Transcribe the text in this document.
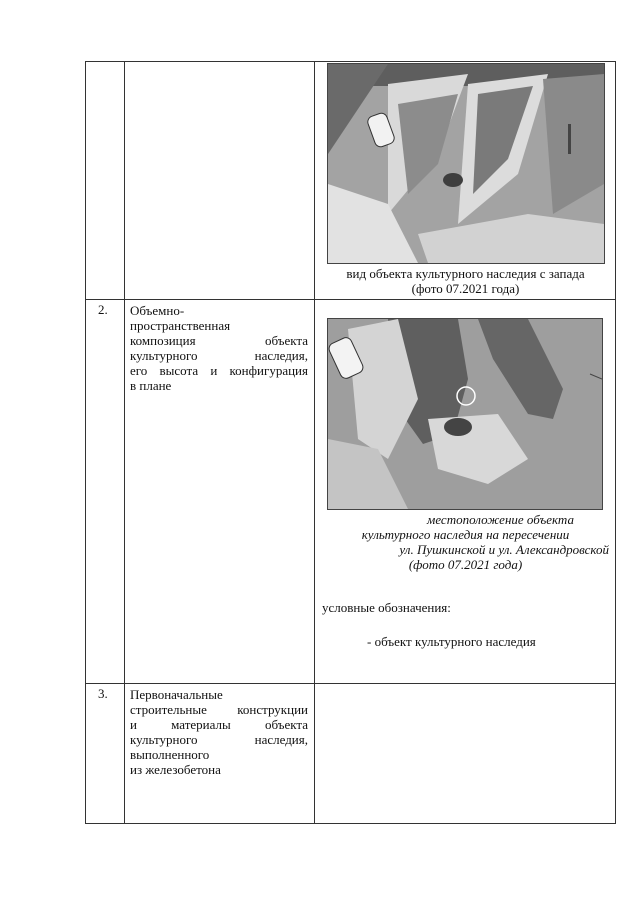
вид объекта культурного наследия с запада
(фото 07.2021 года)
2. Объемно-
пространственная
композиция объекта
культурного наследия,
его высота и конфигурация
в плане
местоположение объекта
культурного наследия на пересечении
ул. Пушкинской и ул. Александровской
(фото 07.2021 года)
условные обозначения:
- объект культурного наследия
3. Первоначальные
строительные конструкции
и материалы объекта
культурного наследия,
выполненного
из железобетона
